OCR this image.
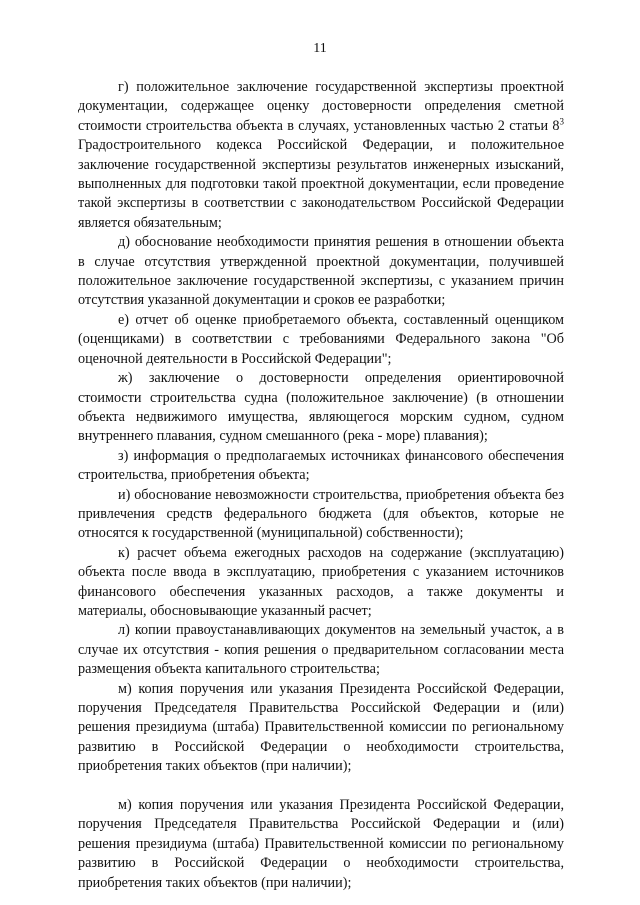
11

г) положительное заключение государственной экспертизы проектной документации, содержащее оценку достоверности определения сметной стоимости строительства объекта в случаях, установленных частью 2 статьи $8^3$ Градостроительного кодекса Российской Федерации, и положительное заключение государственной экспертизы результатов инженерных изысканий, выполненных для подготовки такой проектной документации, если проведение такой экспертизы в соответствии с законодательством Российской Федерации является обязательным;

д) обоснование необходимости принятия решения в отношении объекта в случае отсутствия утвержденной проектной документации, получившей положительное заключение государственной экспертизы, с указанием причин отсутствия указанной документации и сроков ее разработки;

е) отчет об оценке приобретаемого объекта, составленный оценщиком (оценщиками) в соответствии с требованиями Федерального закона "Об оценочной деятельности в Российской Федерации";

ж) заключение о достоверности определения ориентировочной стоимости строительства судна (положительное заключение) (в отношении объекта недвижимого имущества, являющегося морским судном, судном внутреннего плавания, судном смешанного (река - море) плавания);

з) информация о предполагаемых источниках финансового обеспечения строительства, приобретения объекта;

и) обоснование невозможности строительства, приобретения объекта без привлечения средств федерального бюджета (для объектов, которые не относятся к государственной (муниципальной) собственности);

к) расчет объема ежегодных расходов на содержание (эксплуатацию) объекта после ввода в эксплуатацию, приобретения с указанием источников финансового обеспечения указанных расходов, а также документы и материалы, обосновывающие указанный расчет;

л) копии правоустанавливающих документов на земельный участок, а в случае их отсутствия - копия решения о предварительном согласовании места размещения объекта капитального строительства;

м) копия поручения или указания Президента Российской Федерации, поручения Председателя Правительства Российской Федерации и (или) решения президиума (штаба) Правительственной комиссии по региональному развитию в Российской Федерации о необходимости строительства, приобретения таких объектов (при наличии);

м) копия поручения или указания Президента Российской Федерации, поручения Председателя Правительства Российской Федерации и (или) решения президиума (штаба) Правительственной комиссии по региональному развитию в Российской Федерации о необходимости строительства, приобретения таких объектов (при наличии);
